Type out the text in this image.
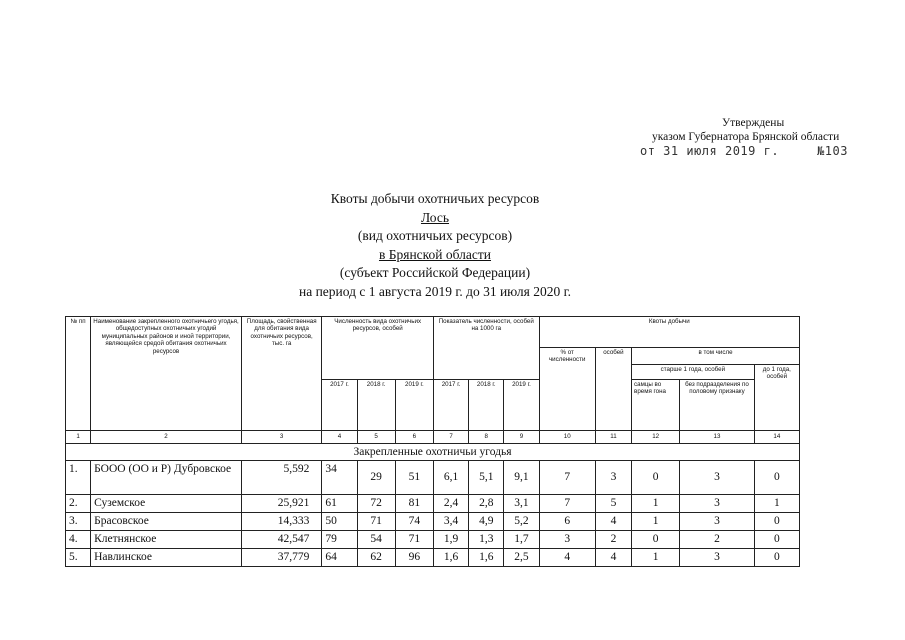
Утверждены
указом Губернатора Брянской области
от 31 июля 2019 г.	№103
Квоты добычи охотничьих ресурсов
Лось
(вид охотничьих ресурсов)
в Брянской области
(субъект Российской Федерации)
на период с 1 августа 2019 г. до 31 июля 2020 г.
№ пп	Наименование закрепленного охотничьего угодья, общедоступных охотничьих угодий муниципальных районов и иной территории, являющейся средой обитания охотничьих ресурсов	Площадь, свойственная для обитания вида охотничьих ресурсов, тыс. га	Численность вида охотничьих ресурсов, особей			Показатель численности, особей на 1000 га			Квоты добычи				
									% от численности	особей	в том числе		
											старше 1 года, особей		до 1 года, особей
			2017 г.	2018 г.	2019 г.	2017 г.	2018 г.	2019 г.			самцы во время гона	без подразделения по половому признаку	
1	2	3	4	5	6	7	8	9	10	11	12	13	14
Закрепленные охотничьи угодья													
1.	БООО (ОО и Р) Дубровское	5,592	34	29	51	6,1	5,1	9,1	7	3	0	3	0
2.	Суземское	25,921	61	72	81	2,4	2,8	3,1	7	5	1	3	1
3.	Брасовское	14,333	50	71	74	3,4	4,9	5,2	6	4	1	3	0
4.	Клетнянское	42,547	79	54	71	1,9	1,3	1,7	3	2	0	2	0
5.	Навлинское	37,779	64	62	96	1,6	1,6	2,5	4	4	1	3	0
